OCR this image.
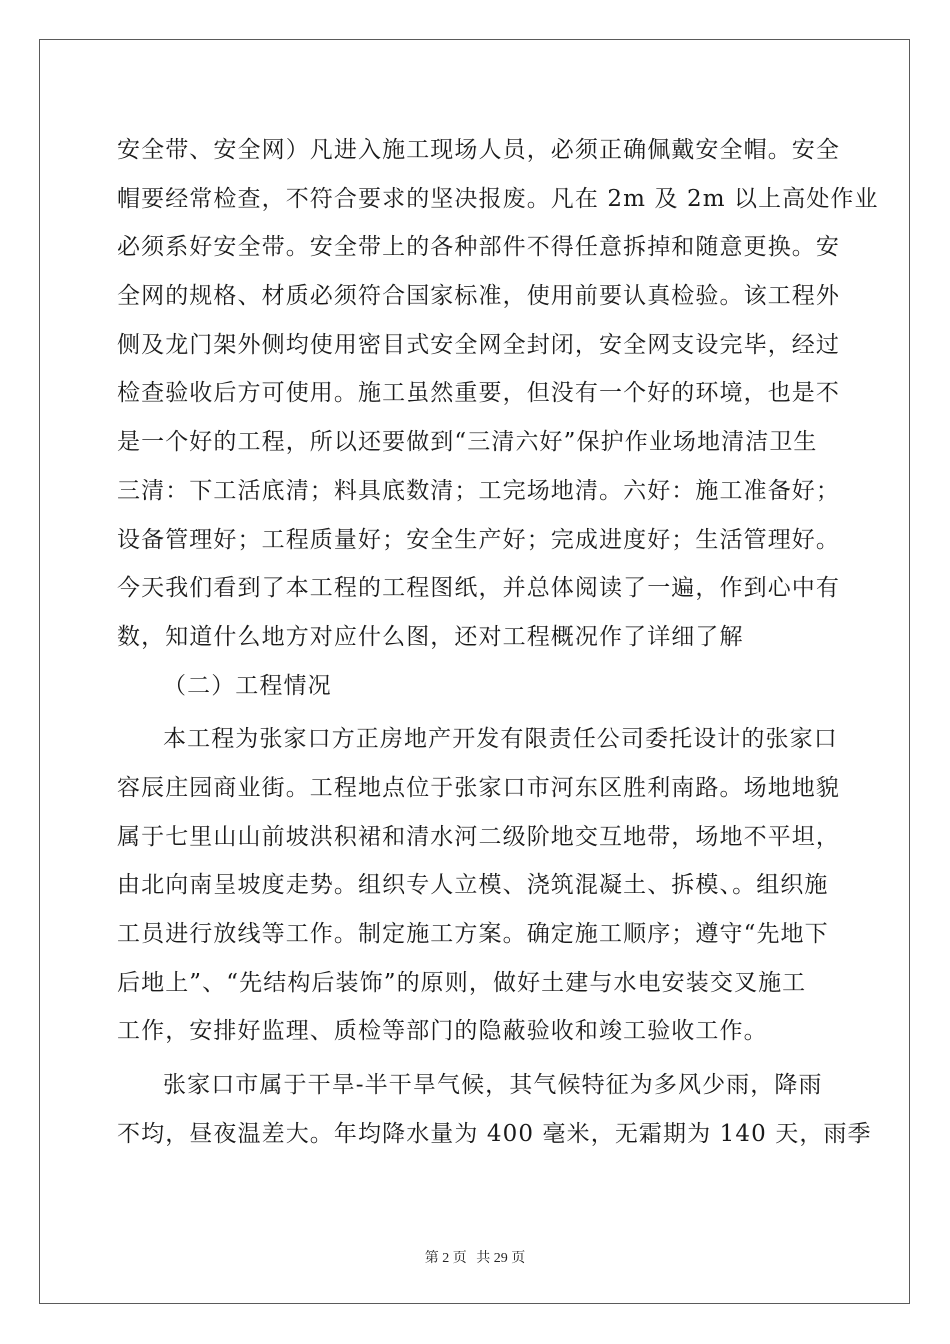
安全带、安全网）凡进入施工现场人员，必须正确佩戴安全帽。安全
帽要经常检查，不符合要求的坚决报废。凡在 2m 及 2m 以上高处作业
必须系好安全带。安全带上的各种部件不得任意拆掉和随意更换。安
全网的规格、材质必须符合国家标准，使用前要认真检验。该工程外
侧及龙门架外侧均使用密目式安全网全封闭，安全网支设完毕，经过
检查验收后方可使用。施工虽然重要，但没有一个好的环境，也是不
是一个好的工程，所以还要做到“三清六好”保护作业场地清洁卫生
三清：下工活底清；料具底数清；工完场地清。六好：施工准备好；
设备管理好；工程质量好；安全生产好；完成进度好；生活管理好。
今天我们看到了本工程的工程图纸，并总体阅读了一遍，作到心中有
数，知道什么地方对应什么图，还对工程概况作了详细了解
（二）工程情况
本工程为张家口方正房地产开发有限责任公司委托设计的张家口
容辰庄园商业街。工程地点位于张家口市河东区胜利南路。场地地貌
属于七里山山前坡洪积裙和清水河二级阶地交互地带，场地不平坦，
由北向南呈坡度走势。组织专人立模、浇筑混凝土、拆模、。组织施
工员进行放线等工作。制定施工方案。确定施工顺序；遵守“先地下
后地上”、“先结构后装饰”的原则，做好土建与水电安装交叉施工
工作，安排好监理、质检等部门的隐蔽验收和竣工验收工作。
张家口市属于干旱-半干旱气候，其气候特征为多风少雨，降雨
不均，昼夜温差大。年均降水量为 400 毫米，无霜期为 140 天，雨季
第 2 页 共 29 页
